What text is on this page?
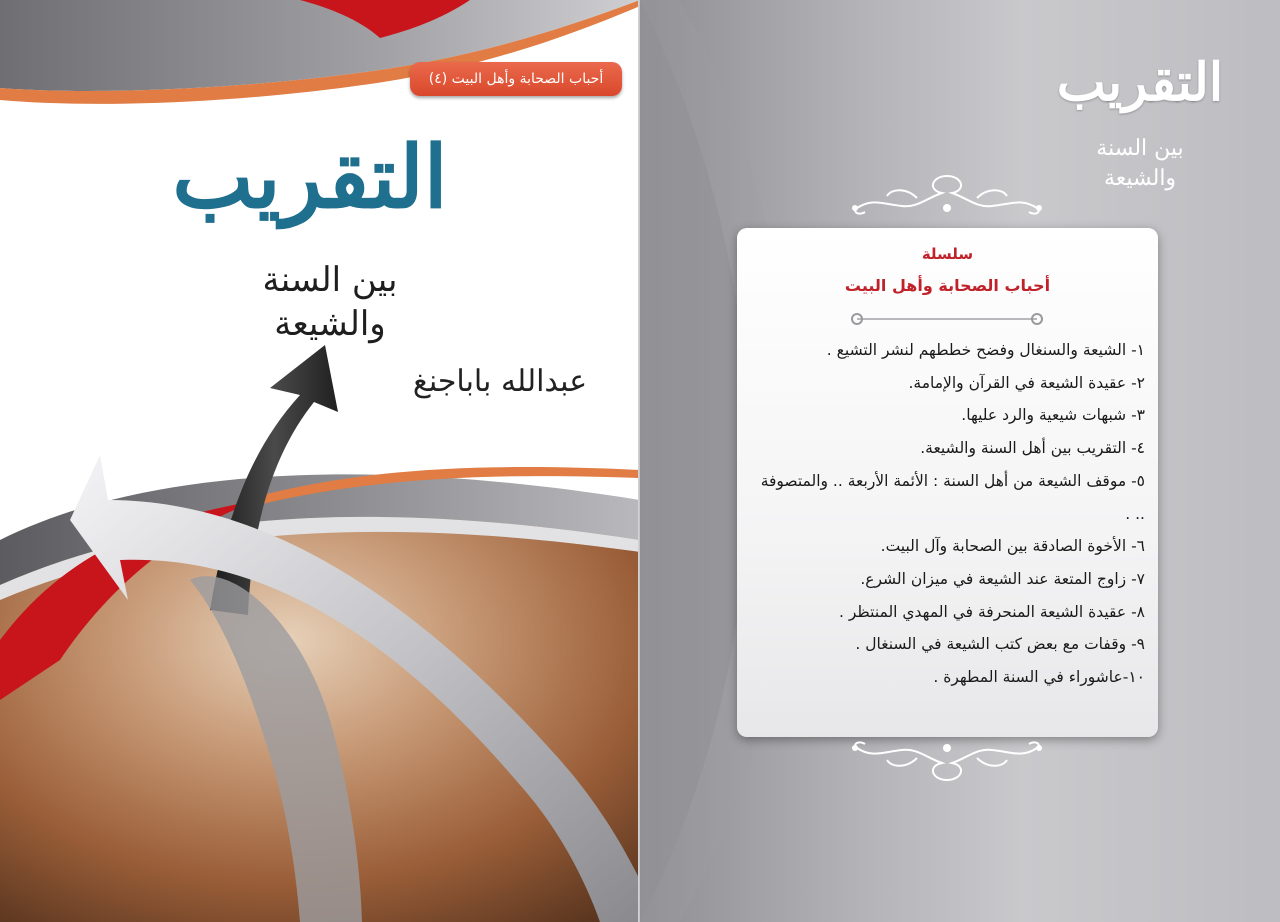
أحباب الصحابة وأهل البيت (٤)
التقريب
بين السنة والشيعة
عبدالله باباجنغ
التقريب
بين السنة والشيعة
سلسلة
أحباب الصحابة وأهل البيت
١- الشيعة والسنغال وفضح خططهم لنشر التشيع .
٢- عقيدة الشيعة في القرآن والإمامة.
٣- شبهات شيعية والرد عليها.
٤- التقريب بين أهل السنة والشيعة.
٥- موقف الشيعة من أهل السنة : الأئمة الأربعة .. والمتصوفة .. .
٦- الأخوة الصادقة بين الصحابة وآل البيت.
٧- زاوج المتعة عند الشيعة في ميزان الشرع.
٨- عقيدة الشيعة المنحرفة في المهدي المنتظر .
٩- وقفات مع بعض كتب الشيعة في السنغال .
١٠-عاشوراء في السنة المطهرة .
